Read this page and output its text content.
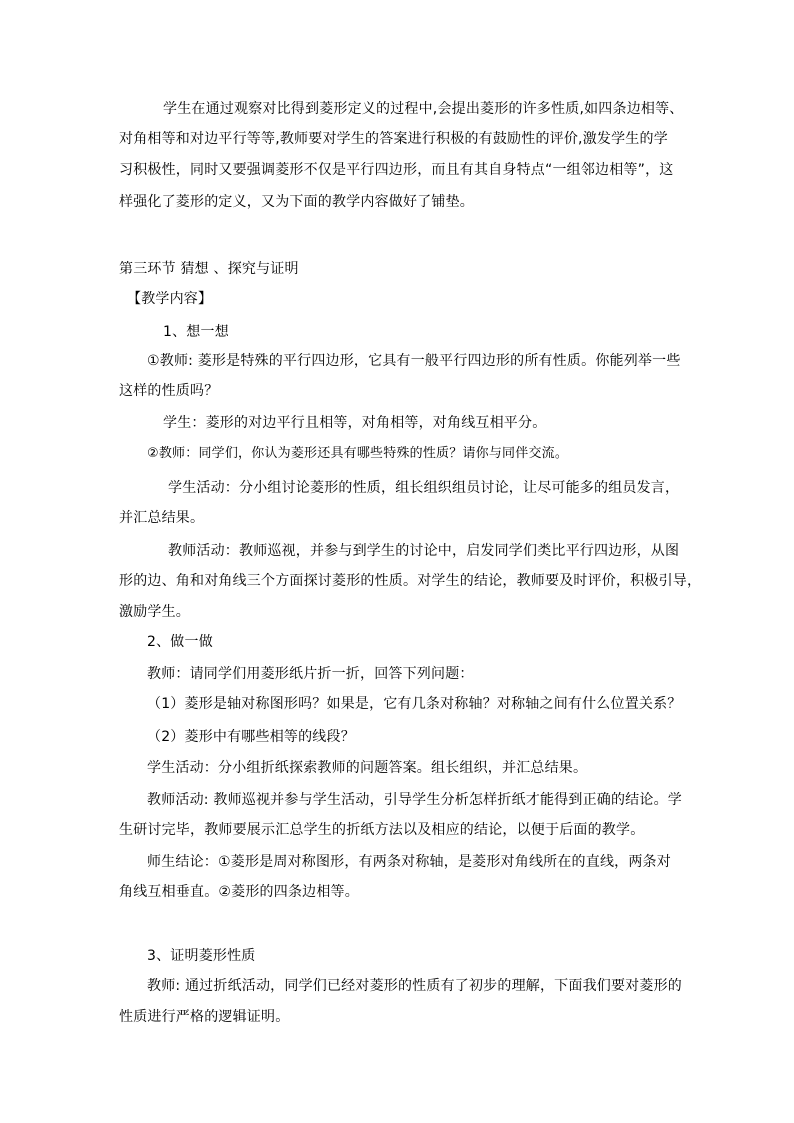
学生在通过观察对比得到菱形定义的过程中,会提出菱形的许多性质,如四条边相等、
对角相等和对边平行等等,教师要对学生的答案进行积极的有鼓励性的评价,激发学生的学
习积极性，同时又要强调菱形不仅是平行四边形，而且有其自身特点“一组邻边相等”，这
样强化了菱形的定义，又为下面的教学内容做好了铺垫。
第三环节 猜想 、探究与证明
【教学内容】
1、想一想
①教师: 菱形是特殊的平行四边形，它具有一般平行四边形的所有性质。你能列举一些
这样的性质吗？
学生：菱形的对边平行且相等，对角相等，对角线互相平分。
②教师：同学们，你认为菱形还具有哪些特殊的性质？请你与同伴交流。
学生活动：分小组讨论菱形的性质，组长组织组员讨论，让尽可能多的组员发言，
并汇总结果。
教师活动：教师巡视，并参与到学生的讨论中，启发同学们类比平行四边形，从图
形的边、角和对角线三个方面探讨菱形的性质。对学生的结论，教师要及时评价，积极引导，
激励学生。
2、做一做
教师：请同学们用菱形纸片折一折，回答下列问题：
（1）菱形是轴对称图形吗？如果是，它有几条对称轴？对称轴之间有什么位置关系？
（2）菱形中有哪些相等的线段？
学生活动：分小组折纸探索教师的问题答案。组长组织，并汇总结果。
教师活动: 教师巡视并参与学生活动，引导学生分析怎样折纸才能得到正确的结论。学
生研讨完毕，教师要展示汇总学生的折纸方法以及相应的结论，以便于后面的教学。
师生结论：①菱形是周对称图形，有两条对称轴，是菱形对角线所在的直线，两条对
角线互相垂直。②菱形的四条边相等。
3、证明菱形性质
教师: 通过折纸活动，同学们已经对菱形的性质有了初步的理解，下面我们要对菱形的
性质进行严格的逻辑证明。
